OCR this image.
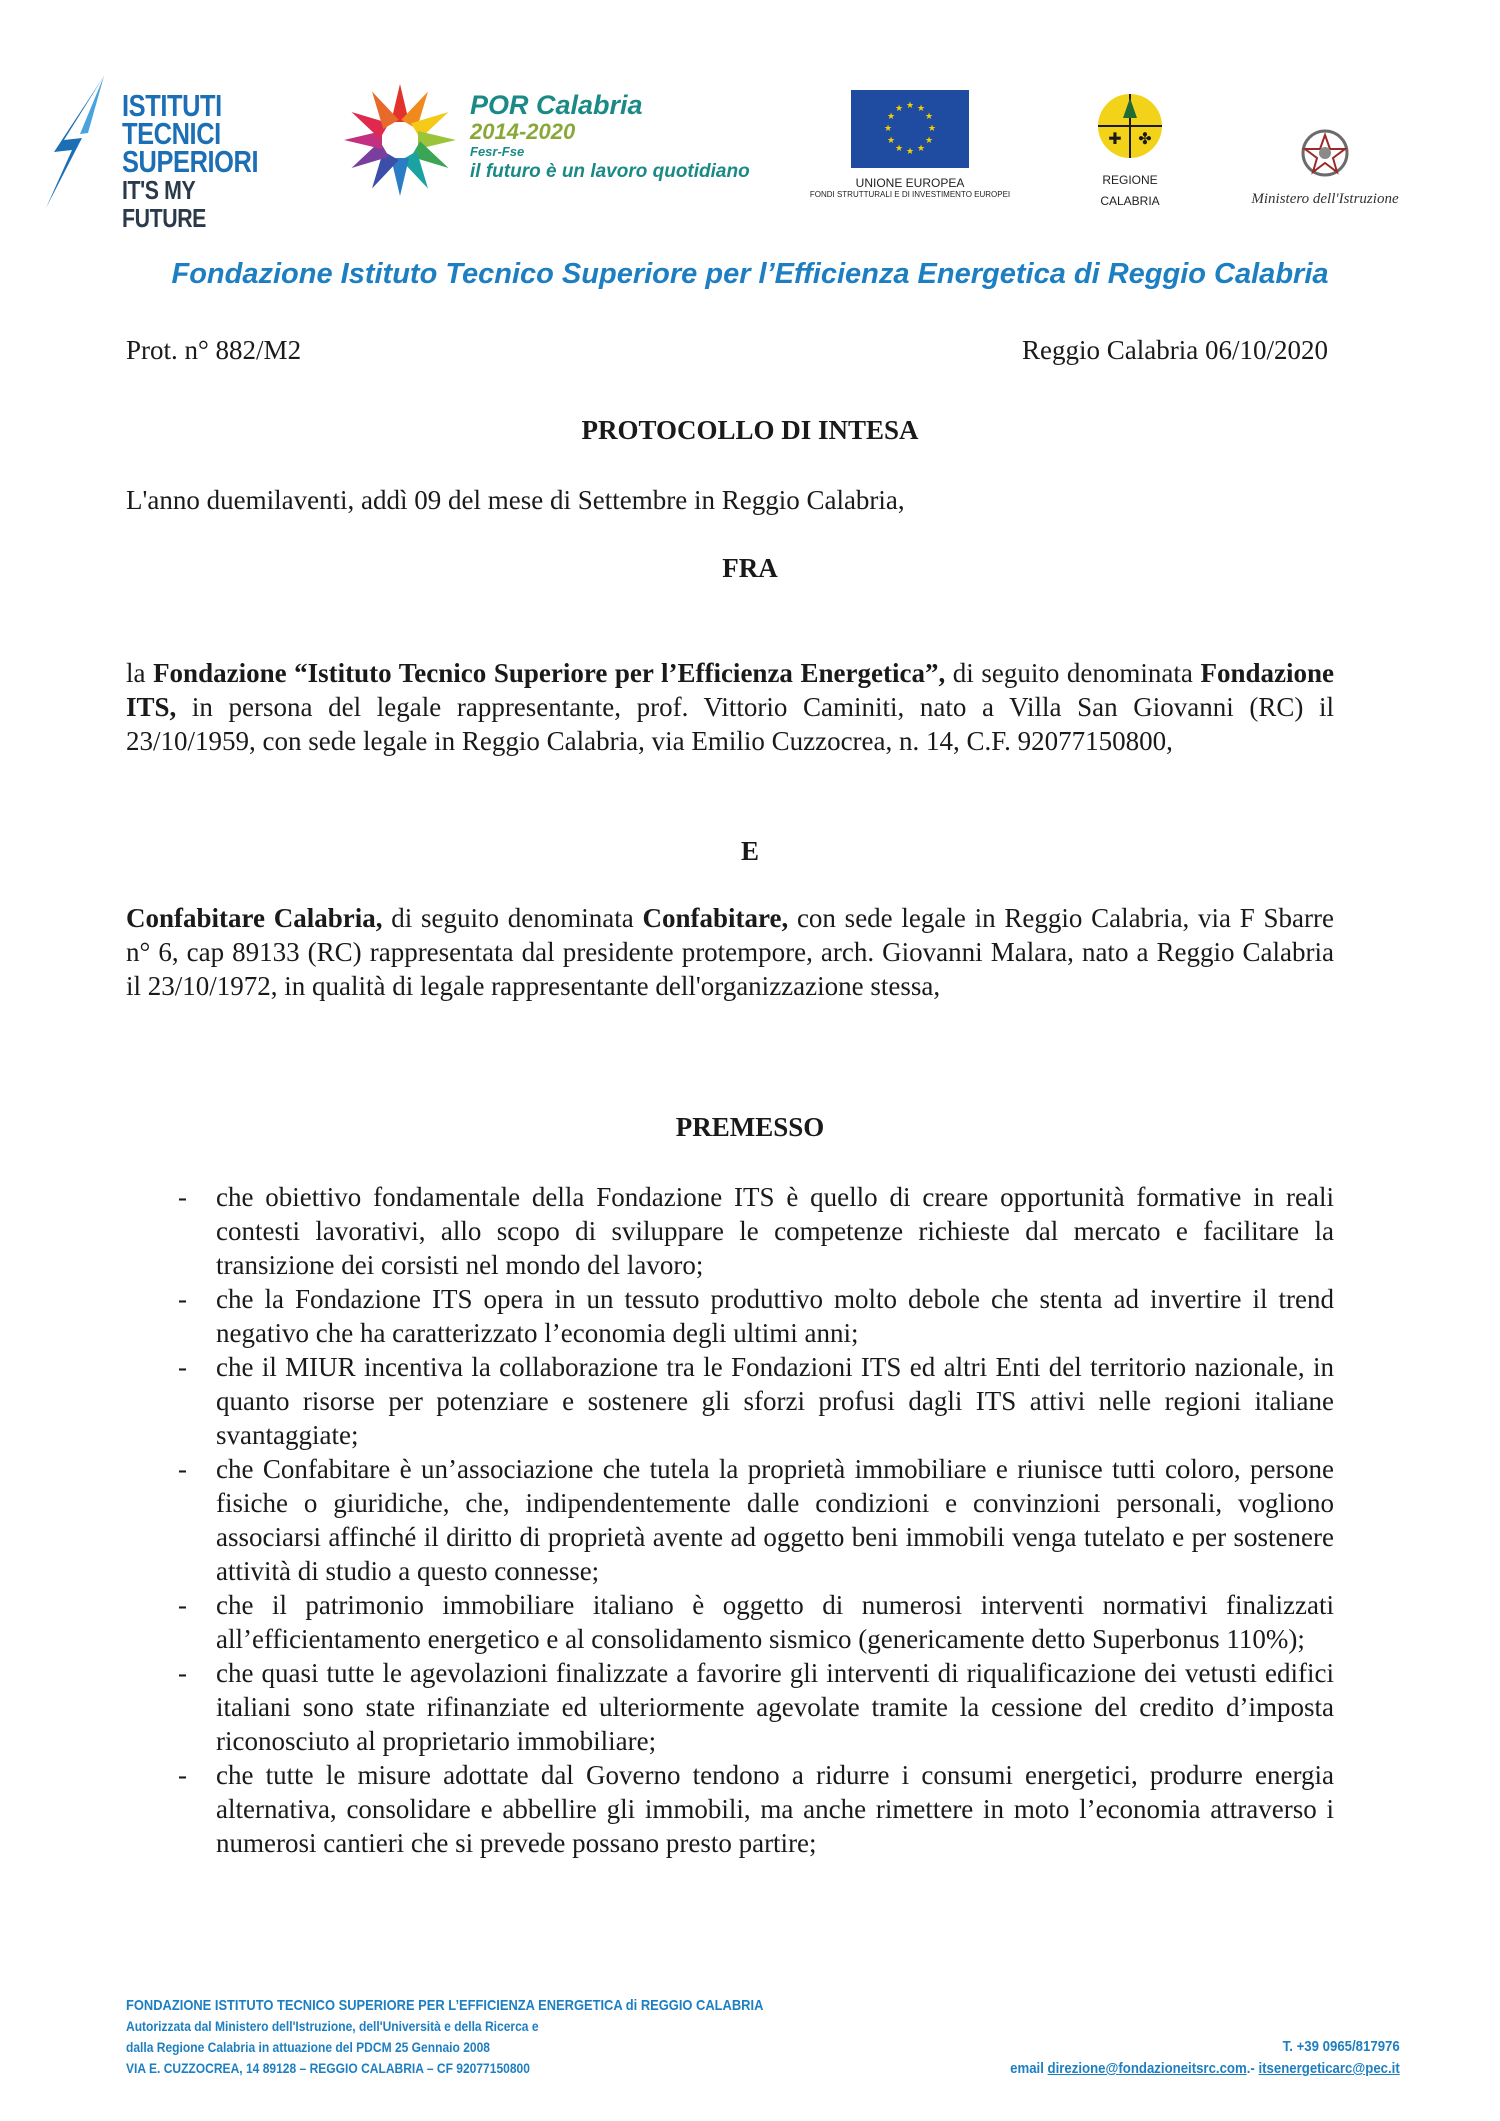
ISTITUTI
TECNICI
SUPERIORI
IT'S MY FUTURE
POR Calabria
2014-2020
Fesr-Fse
il futuro è un lavoro quotidiano
★ ★
★
★
★
★
★
★
★
★
★
★
UNIONE EUROPEA
FONDI STRUTTURALI E DI INVESTIMENTO EUROPEI
✚ ✤
REGIONE
CALABRIA	Ministero dell'Istruzione
Fondazione Istituto Tecnico Superiore per l’Efficienza Energetica di Reggio Calabria
Prot. n° 882/M2	Reggio Calabria 06/10/2020
PROTOCOLLO DI INTESA
L'anno duemilaventi, addì 09 del mese di Settembre in Reggio Calabria,
FRA
la Fondazione “Istituto Tecnico Superiore per l’Efficienza Energetica”, di seguito denominata Fondazione ITS, in persona del legale rappresentante, prof. Vittorio Caminiti, nato a Villa San Giovanni (RC) il 23/10/1959, con sede legale in Reggio Calabria, via Emilio Cuzzocrea, n. 14, C.F. 92077150800,
E
Confabitare Calabria, di seguito denominata Confabitare, con sede legale in Reggio Calabria, via F Sbarre n° 6, cap 89133 (RC) rappresentata dal presidente protempore, arch. Giovanni Malara, nato a Reggio Calabria il 23/10/1972, in qualità di legale rappresentante dell'organizzazione stessa,
PREMESSO
- che obiettivo fondamentale della Fondazione ITS è quello di creare opportunità formative in reali contesti lavorativi, allo scopo di sviluppare le competenze richieste dal mercato e facilitare la transizione dei corsisti nel mondo del lavoro;
- che la Fondazione ITS opera in un tessuto produttivo molto debole che stenta ad invertire il trend negativo che ha caratterizzato l’economia degli ultimi anni;
- che il MIUR incentiva la collaborazione tra le Fondazioni ITS ed altri Enti del territorio nazionale, in quanto risorse per potenziare e sostenere gli sforzi profusi dagli ITS attivi nelle regioni italiane svantaggiate;
- che Confabitare è un’associazione che tutela la proprietà immobiliare e riunisce tutti coloro, persone fisiche o giuridiche, che, indipendentemente dalle condizioni e convinzioni personali, vogliono associarsi affinché il diritto di proprietà avente ad oggetto beni immobili venga tutelato e per sostenere attività di studio a questo connesse;
- che il patrimonio immobiliare italiano è oggetto di numerosi interventi normativi finalizzati all’efficientamento energetico e al consolidamento sismico (genericamente detto Superbonus 110%);
- che quasi tutte le agevolazioni finalizzate a favorire gli interventi di riqualificazione dei vetusti edifici italiani sono state rifinanziate ed ulteriormente agevolate tramite la cessione del credito d’imposta riconosciuto al proprietario immobiliare;
- che tutte le misure adottate dal Governo tendono a ridurre i consumi energetici, produrre energia alternativa, consolidare e abbellire gli immobili, ma anche rimettere in moto l’economia attraverso i numerosi cantieri che si prevede possano presto partire;
FONDAZIONE ISTITUTO TECNICO SUPERIORE PER L’EFFICIENZA ENERGETICA di REGGIO CALABRIA
Autorizzata dal Ministero dell'Istruzione, dell'Università e della Ricerca e
dalla Regione Calabria in attuazione del PDCM 25 Gennaio 2008
VIA E. CUZZOCREA, 14 89128 – REGGIO CALABRIA – CF 92077150800
T. +39 0965/817976
email direzione@fondazioneitsrc.com.- itsenergeticarc@pec.it
